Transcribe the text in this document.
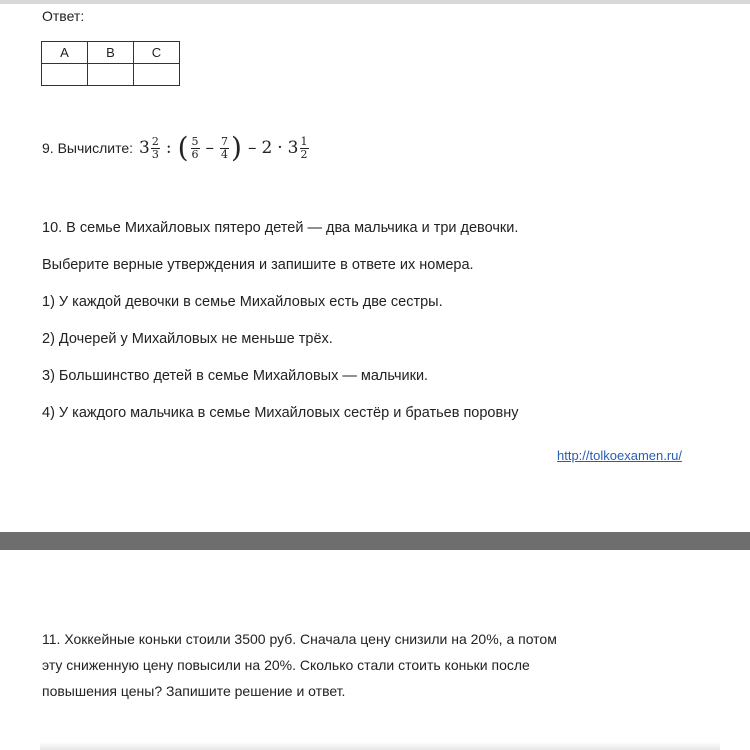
Ответ:
A	B	C

9. Вычислите: $3 \frac{2}{3}$ : ( $\frac{5}{6} - \frac{7}{4}$ ) – $2 \cdot 3 \frac{1}{2}$

10. В семье Михайловых пятеро детей — два мальчика и три девочки.

Выберите верные утверждения и запишите в ответе их номера.

1) У каждой девочки в семье Михайловых есть две сестры.

2) Дочерей у Михайловых не меньше трёх.

3) Большинство детей в семье Михайловых — мальчики.

4) У каждого мальчика в семье Михайловых сестёр и братьев поровну

http://tolkoexamen.ru/

11. Хоккейные коньки стоили 3500 руб. Сначала цену снизили на 20%, а потом

эту сниженную цену повысили на 20%. Сколько стали стоить коньки после

повышения цены? Запишите решение и ответ.
